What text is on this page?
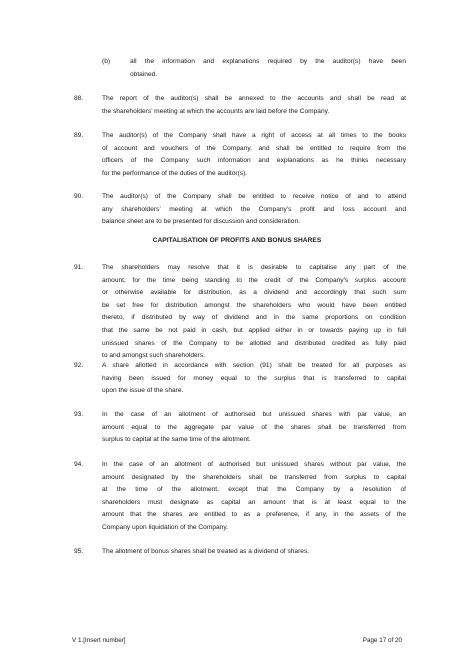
(b)	all the information and explanations required by the auditor(s) have been
obtained.
88.	The report of the auditor(s) shall be annexed to the accounts and shall be read at
the shareholders’ meeting at which the accounts are laid before the Company.
89.	The auditor(s) of the Company shall have a right of access at all times to the books
of account and vouchers of the Company, and shall be entitled to require from the
officers of the Company such information and explanations as he thinks necessary
for the performance of the duties of the auditor(s).
90.	The auditor(s) of the Company shall be entitled to receive notice of and to attend
any shareholders’ meeting at which the Company’s profit and loss account and
balance sheet are to be presented for discussion and consideration.
CAPITALISATION OF PROFITS AND BONUS SHARES
91.	The shareholders may resolve that it is desirable to capitalise any part of the
amount, for the time being standing to the credit of the Company’s surplus account
or otherwise available for distribution, as a dividend and accordingly that such sum
be set free for distribution amongst the shareholders who would have been entitled
thereto, if distributed by way of dividend and in the same proportions on condition
that the same be not paid in cash, but applied either in or towards paying up in full
unissued shares of the Company to be allotted and distributed credited as fully paid
to and amongst such shareholders.
92.	A share allotted in accordance with section (91) shall be treated for all purposes as
having been issued for money equal to the surplus that is transferred to capital
upon the issue of the share.
93.	In the case of an allotment of authorised but unissued shares with par value, an
amount equal to the aggregate par value of the shares shall be transferred from
surplus to capital at the same time of the allotment.
94.	In the case of an allotment of authorised but unissued shares without par value, the
amount designated by the shareholders shall be transferred from surplus to capital
at the time of the allotment, except that the Company by a resolution of
shareholders must designate as capital an amount that is at least equal to the
amount that the shares are entitled to as a preference, if any, in the assets of the
Company upon liquidation of the Company.
95.	The allotment of bonus shares shall be treated as a dividend of shares.
V 1.[Insert number]	Page 17 of 20
